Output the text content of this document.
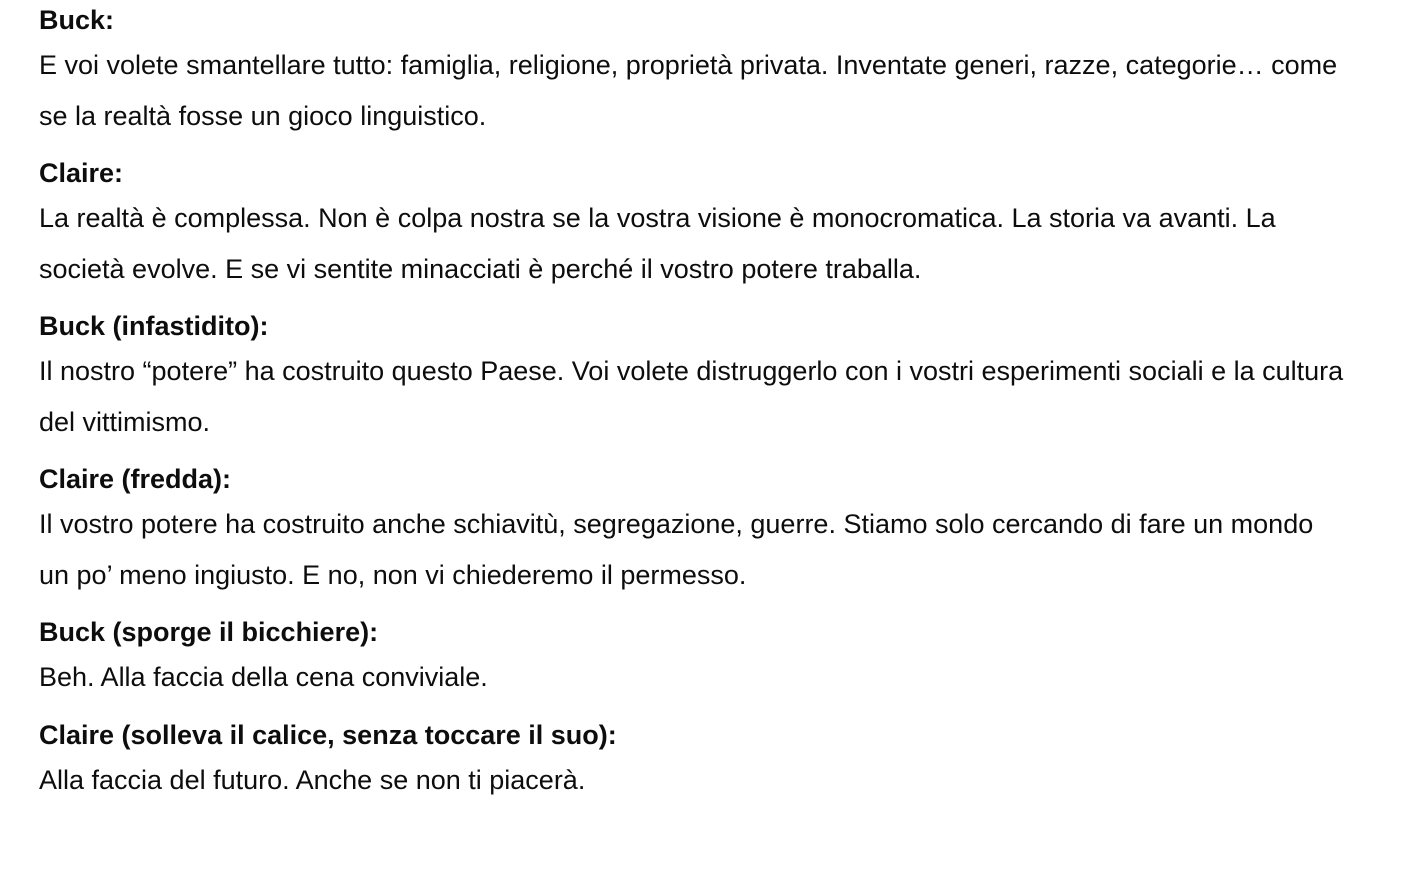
Buck:
E voi volete smantellare tutto: famiglia, religione, proprietà privata. Inventate generi, razze, categorie… come se la realtà fosse un gioco linguistico.
Claire:
La realtà è complessa. Non è colpa nostra se la vostra visione è monocromatica. La storia va avanti. La società evolve. E se vi sentite minacciati è perché il vostro potere traballa.
Buck (infastidito):
Il nostro “potere” ha costruito questo Paese. Voi volete distruggerlo con i vostri esperimenti sociali e la cultura del vittimismo.
Claire (fredda):
Il vostro potere ha costruito anche schiavitù, segregazione, guerre. Stiamo solo cercando di fare un mondo un po’ meno ingiusto. E no, non vi chiederemo il permesso.
Buck (sporge il bicchiere):
Beh. Alla faccia della cena conviviale.
Claire (solleva il calice, senza toccare il suo):
Alla faccia del futuro. Anche se non ti piacerà.
